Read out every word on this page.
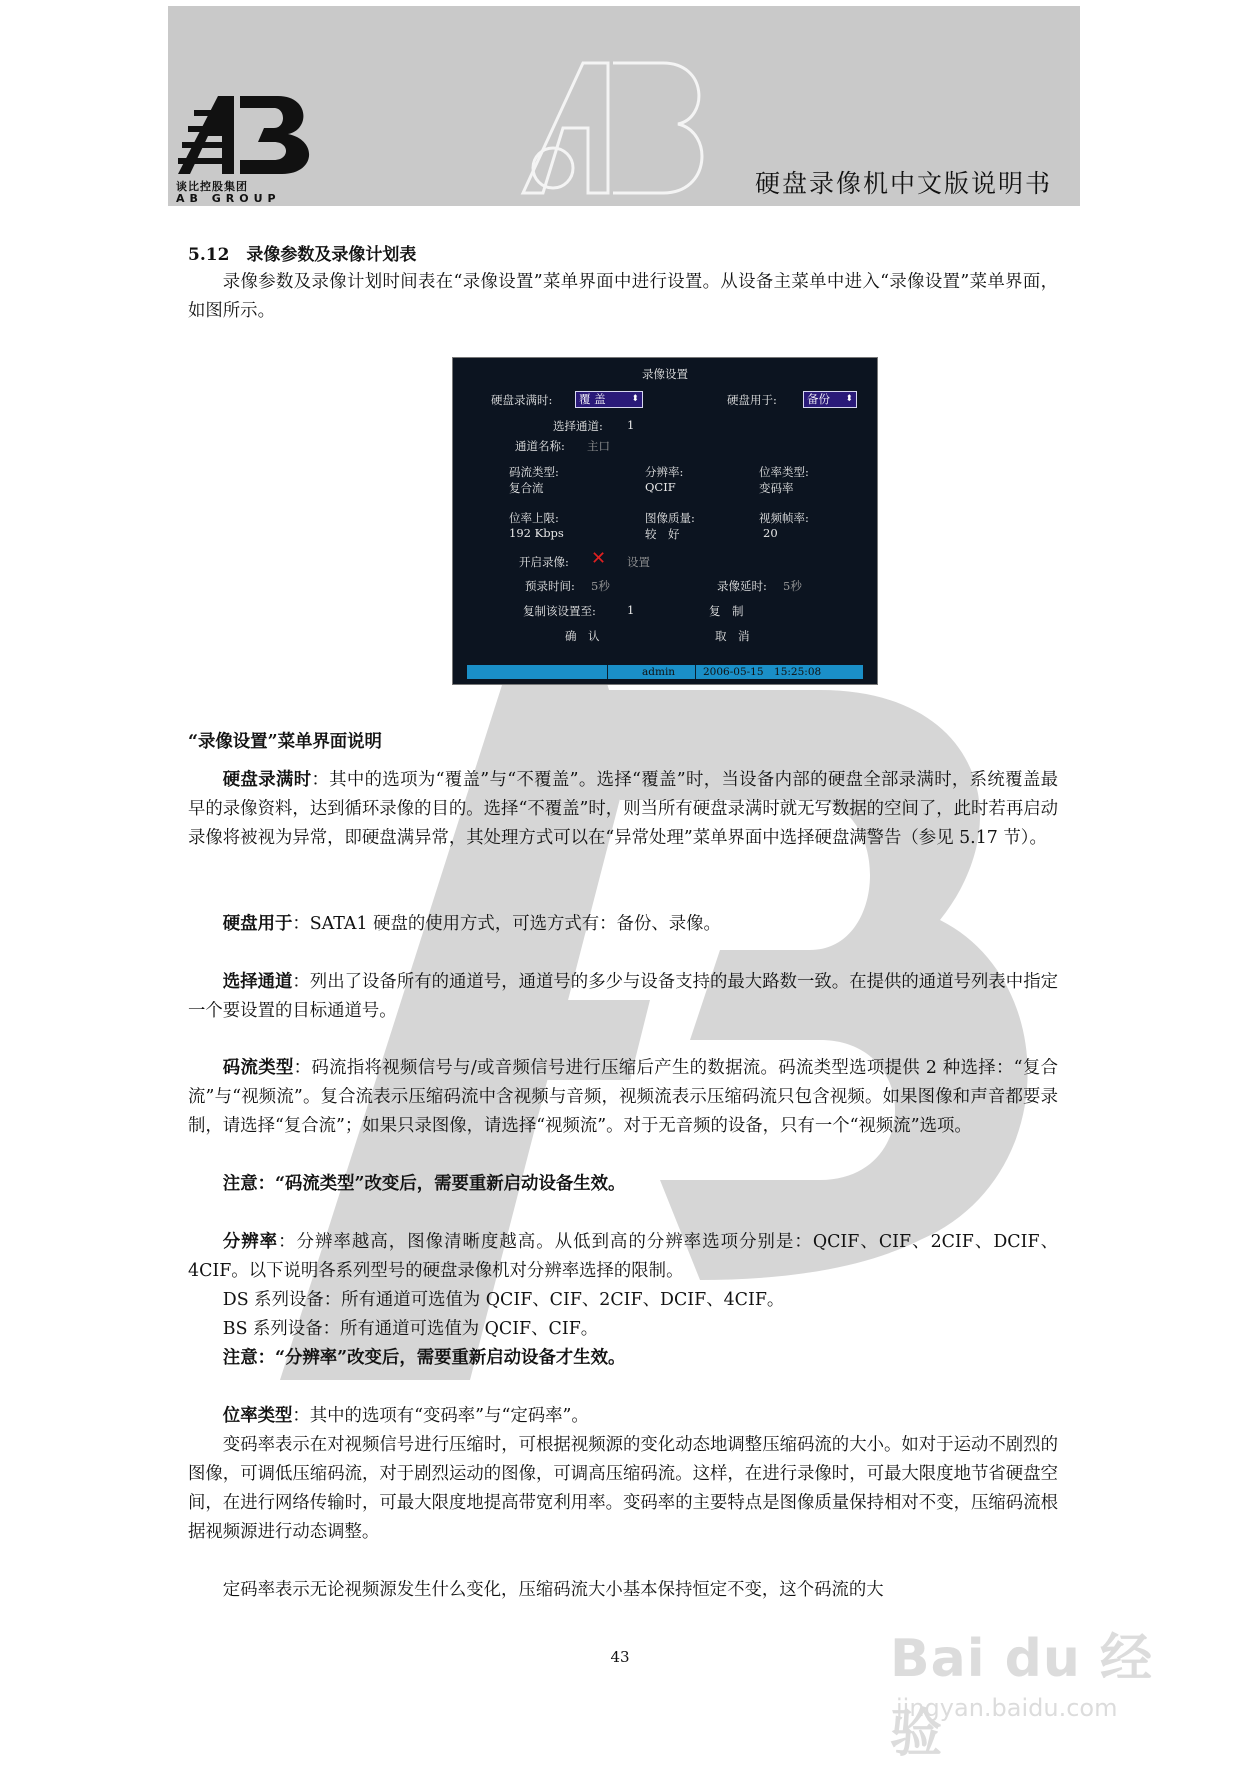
谈比控股集团
AB GROUP
硬盘录像机中文版说明书
5.12　录像参数及录像计划表
录像参数及录像计划时间表在“录像设置”菜单界面中进行设置。从设备主菜单中进入“录像设置”菜单界面，如图所示。
录像设置
硬盘录满时:	覆 盖	⬍	硬盘用于:	备份 ⬍
选择通道: 1
通道名称: 主口
码流类型:
复合流
分辨率:
QCIF
位率类型:
变码率
位率上限:
192 Kbps
图像质量:
较　好
视频帧率:
20
开启录像: ✕ 设置
预录时间: 5秒	录像延时: 5秒
复制该设置至:	1	复　制
确　认	取　消
admin	2006-05-15　15:25:08
“录像设置”菜单界面说明
硬盘录满时：其中的选项为“覆盖”与“不覆盖”。选择“覆盖”时，当设备内部的硬盘全部录满时，系统覆盖最早的录像资料，达到循环录像的目的。选择“不覆盖”时，则当所有硬盘录满时就无写数据的空间了，此时若再启动录像将被视为异常，即硬盘满异常，其处理方式可以在“异常处理”菜单界面中选择硬盘满警告（参见 5.17 节）。
硬盘用于：SATA1 硬盘的使用方式，可选方式有：备份、录像。
选择通道：列出了设备所有的通道号，通道号的多少与设备支持的最大路数一致。在提供的通道号列表中指定一个要设置的目标通道号。
码流类型：码流指将视频信号与/或音频信号进行压缩后产生的数据流。码流类型选项提供 2 种选择：“复合流”与“视频流”。复合流表示压缩码流中含视频与音频，视频流表示压缩码流只包含视频。如果图像和声音都要录制，请选择“复合流”；如果只录图像，请选择“视频流”。对于无音频的设备，只有一个“视频流”选项。
注意：“码流类型”改变后，需要重新启动设备生效。
分辨率：分辨率越高，图像清晰度越高。从低到高的分辨率选项分别是：QCIF、CIF、2CIF、DCIF、4CIF。以下说明各系列型号的硬盘录像机对分辨率选择的限制。
DS 系列设备：所有通道可选值为 QCIF、CIF、2CIF、DCIF、4CIF。
BS 系列设备：所有通道可选值为 QCIF、CIF。
注意：“分辨率”改变后，需要重新启动设备才生效。
位率类型：其中的选项有“变码率”与“定码率”。
变码率表示在对视频信号进行压缩时，可根据视频源的变化动态地调整压缩码流的大小。如对于运动不剧烈的图像，可调低压缩码流，对于剧烈运动的图像，可调高压缩码流。这样，在进行录像时，可最大限度地节省硬盘空间，在进行网络传输时，可最大限度地提高带宽利用率。变码率的主要特点是图像质量保持相对不变，压缩码流根据视频源进行动态调整。
定码率表示无论视频源发生什么变化，压缩码流大小基本保持恒定不变，这个码流的大
43	Bai du 经验
jingyan.baidu.com
